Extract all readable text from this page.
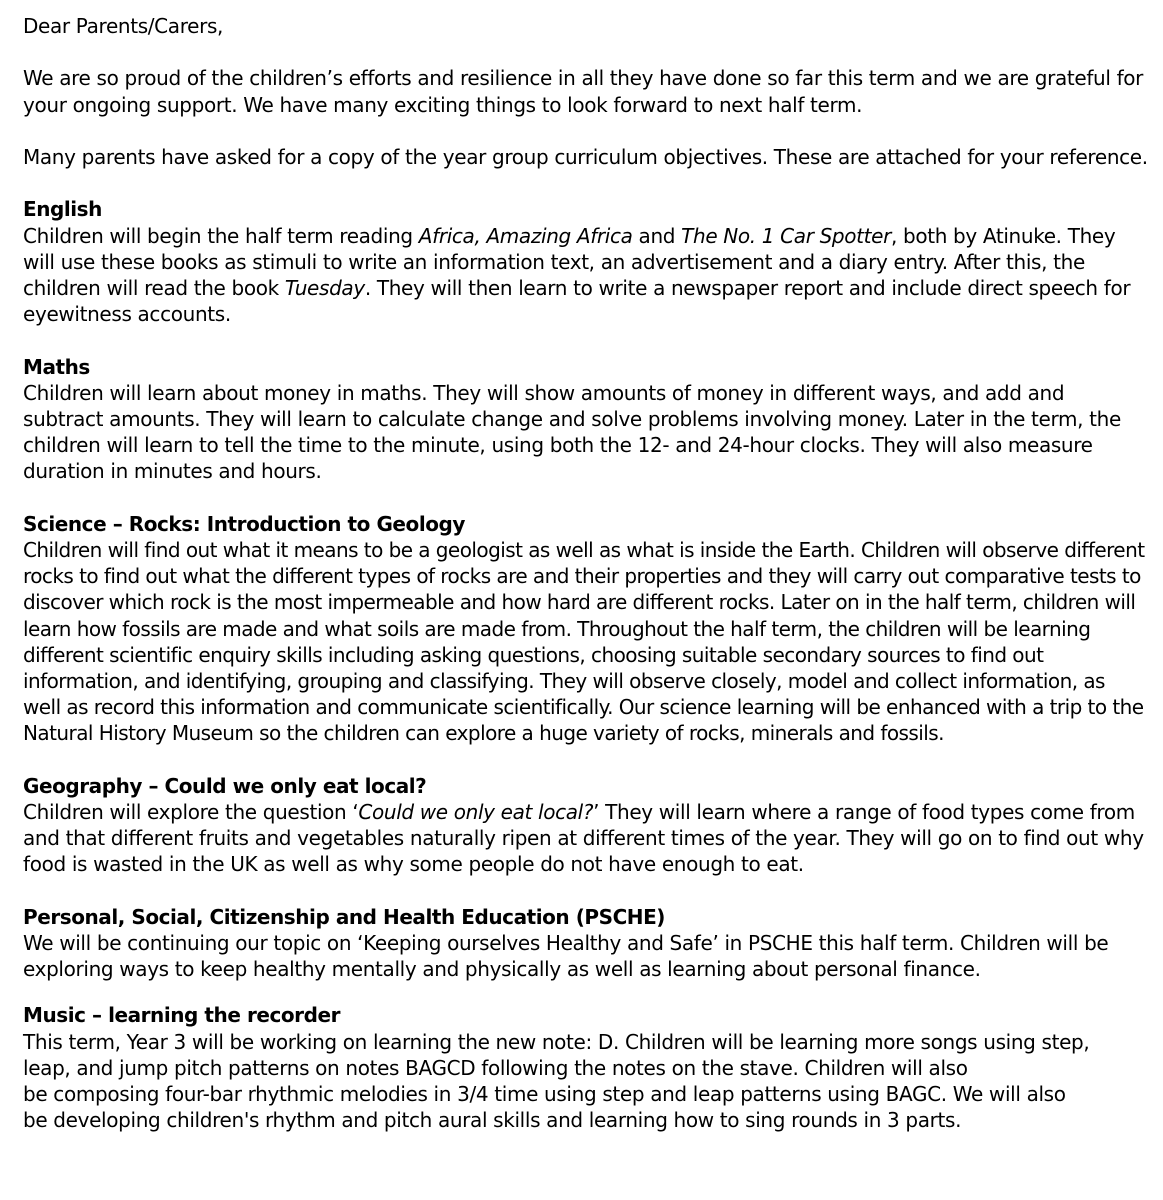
Dear Parents/Carers,

We are so proud of the children’s efforts and resilience in all they have done so far this term and we are grateful for your ongoing support. We have many exciting things to look forward to next half term.

Many parents have asked for a copy of the year group curriculum objectives. These are attached for your reference.

English

Children will begin the half term reading Africa, Amazing Africa and The No. 1 Car Spotter, both by Atinuke. They will use these books as stimuli to write an information text, an advertisement and a diary entry. After this, the children will read the book Tuesday. They will then learn to write a newspaper report and include direct speech for eyewitness accounts.

Maths

Children will learn about money in maths. They will show amounts of money in different ways, and add and subtract amounts. They will learn to calculate change and solve problems involving money. Later in the term, the children will learn to tell the time to the minute, using both the 12- and 24-hour clocks. They will also measure duration in minutes and hours.

Science – Rocks: Introduction to Geology

Children will find out what it means to be a geologist as well as what is inside the Earth. Children will observe different rocks to find out what the different types of rocks are and their properties and they will carry out comparative tests to discover which rock is the most impermeable and how hard are different rocks. Later on in the half term, children will learn how fossils are made and what soils are made from. Throughout the half term, the children will be learning different scientific enquiry skills including asking questions, choosing suitable secondary sources to find out information, and identifying, grouping and classifying. They will observe closely, model and collect information, as well as record this information and communicate scientifically. Our science learning will be enhanced with a trip to the Natural History Museum so the children can explore a huge variety of rocks, minerals and fossils.

Geography – Could we only eat local?

Children will explore the question ‘Could we only eat local?’ They will learn where a range of food types come from and that different fruits and vegetables naturally ripen at different times of the year. They will go on to find out why food is wasted in the UK as well as why some people do not have enough to eat.

Personal, Social, Citizenship and Health Education (PSCHE)

We will be continuing our topic on ‘Keeping ourselves Healthy and Safe’ in PSCHE this half term. Children will be exploring ways to keep healthy mentally and physically as well as learning about personal finance.

Music – learning the recorder

This term, Year 3 will be working on learning the new note: D. Children will be learning more songs using step,
leap, and jump pitch patterns on notes BAGCD following the notes on the stave. Children will also
be composing four-bar rhythmic melodies in 3/4 time using step and leap patterns using BAGC. We will also
be developing children's rhythm and pitch aural skills and learning how to sing rounds in 3 parts.
